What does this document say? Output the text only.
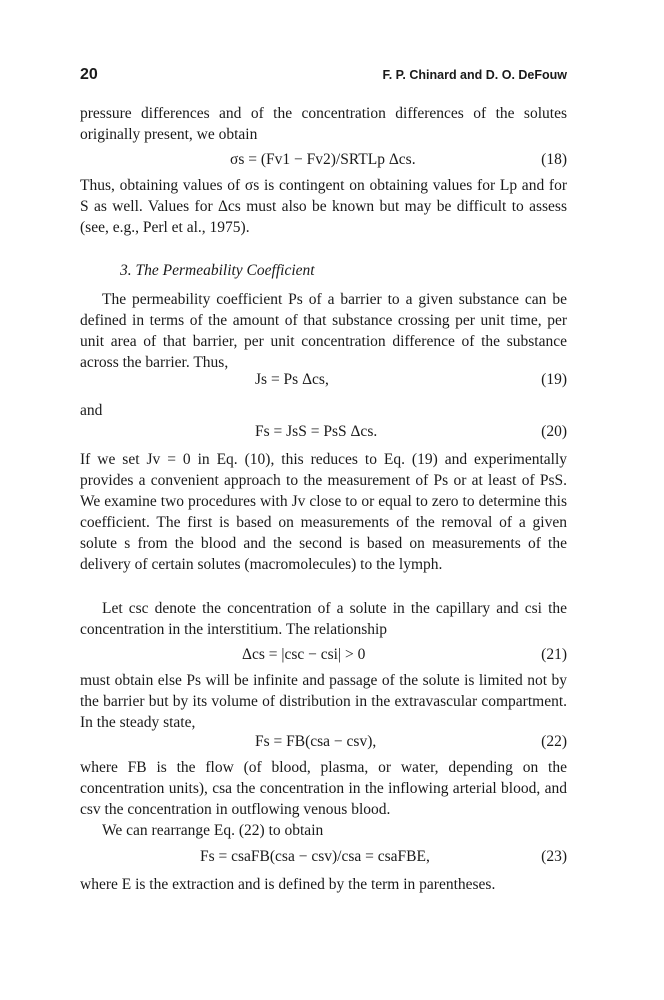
20	F. P. Chinard and D. O. DeFouw
pressure differences and of the concentration differences of the solutes originally present, we obtain
σs = (Fv1 − Fv2)/SRTLp Δcs.	(18)
Thus, obtaining values of σs is contingent on obtaining values for Lp and for S as well. Values for Δcs must also be known but may be difficult to assess (see, e.g., Perl et al., 1975).
3. The Permeability Coefficient
The permeability coefficient Ps of a barrier to a given substance can be defined in terms of the amount of that substance crossing per unit time, per unit area of that barrier, per unit concentration difference of the substance across the barrier. Thus,
Js = Ps Δcs,	(19)
and
Fs = JsS = PsS Δcs.	(20)
If we set Jv = 0 in Eq. (10), this reduces to Eq. (19) and experimentally provides a convenient approach to the measurement of Ps or at least of PsS. We examine two procedures with Jv close to or equal to zero to determine this coefficient. The first is based on measurements of the removal of a given solute s from the blood and the second is based on measurements of the delivery of certain solutes (macromolecules) to the lymph.
Let csc denote the concentration of a solute in the capillary and csi the concentration in the interstitium. The relationship
Δcs = |csc − csi| > 0	(21)
must obtain else Ps will be infinite and passage of the solute is limited not by the barrier but by its volume of distribution in the extravascular compartment. In the steady state,
Fs = FB(csa − csv),	(22)
where FB is the flow (of blood, plasma, or water, depending on the concentration units), csa the concentration in the inflowing arterial blood, and csv the concentration in outflowing venous blood.
We can rearrange Eq. (22) to obtain
Fs = csaFB(csa − csv)/csa = csaFBE,	(23)
where E is the extraction and is defined by the term in parentheses.
